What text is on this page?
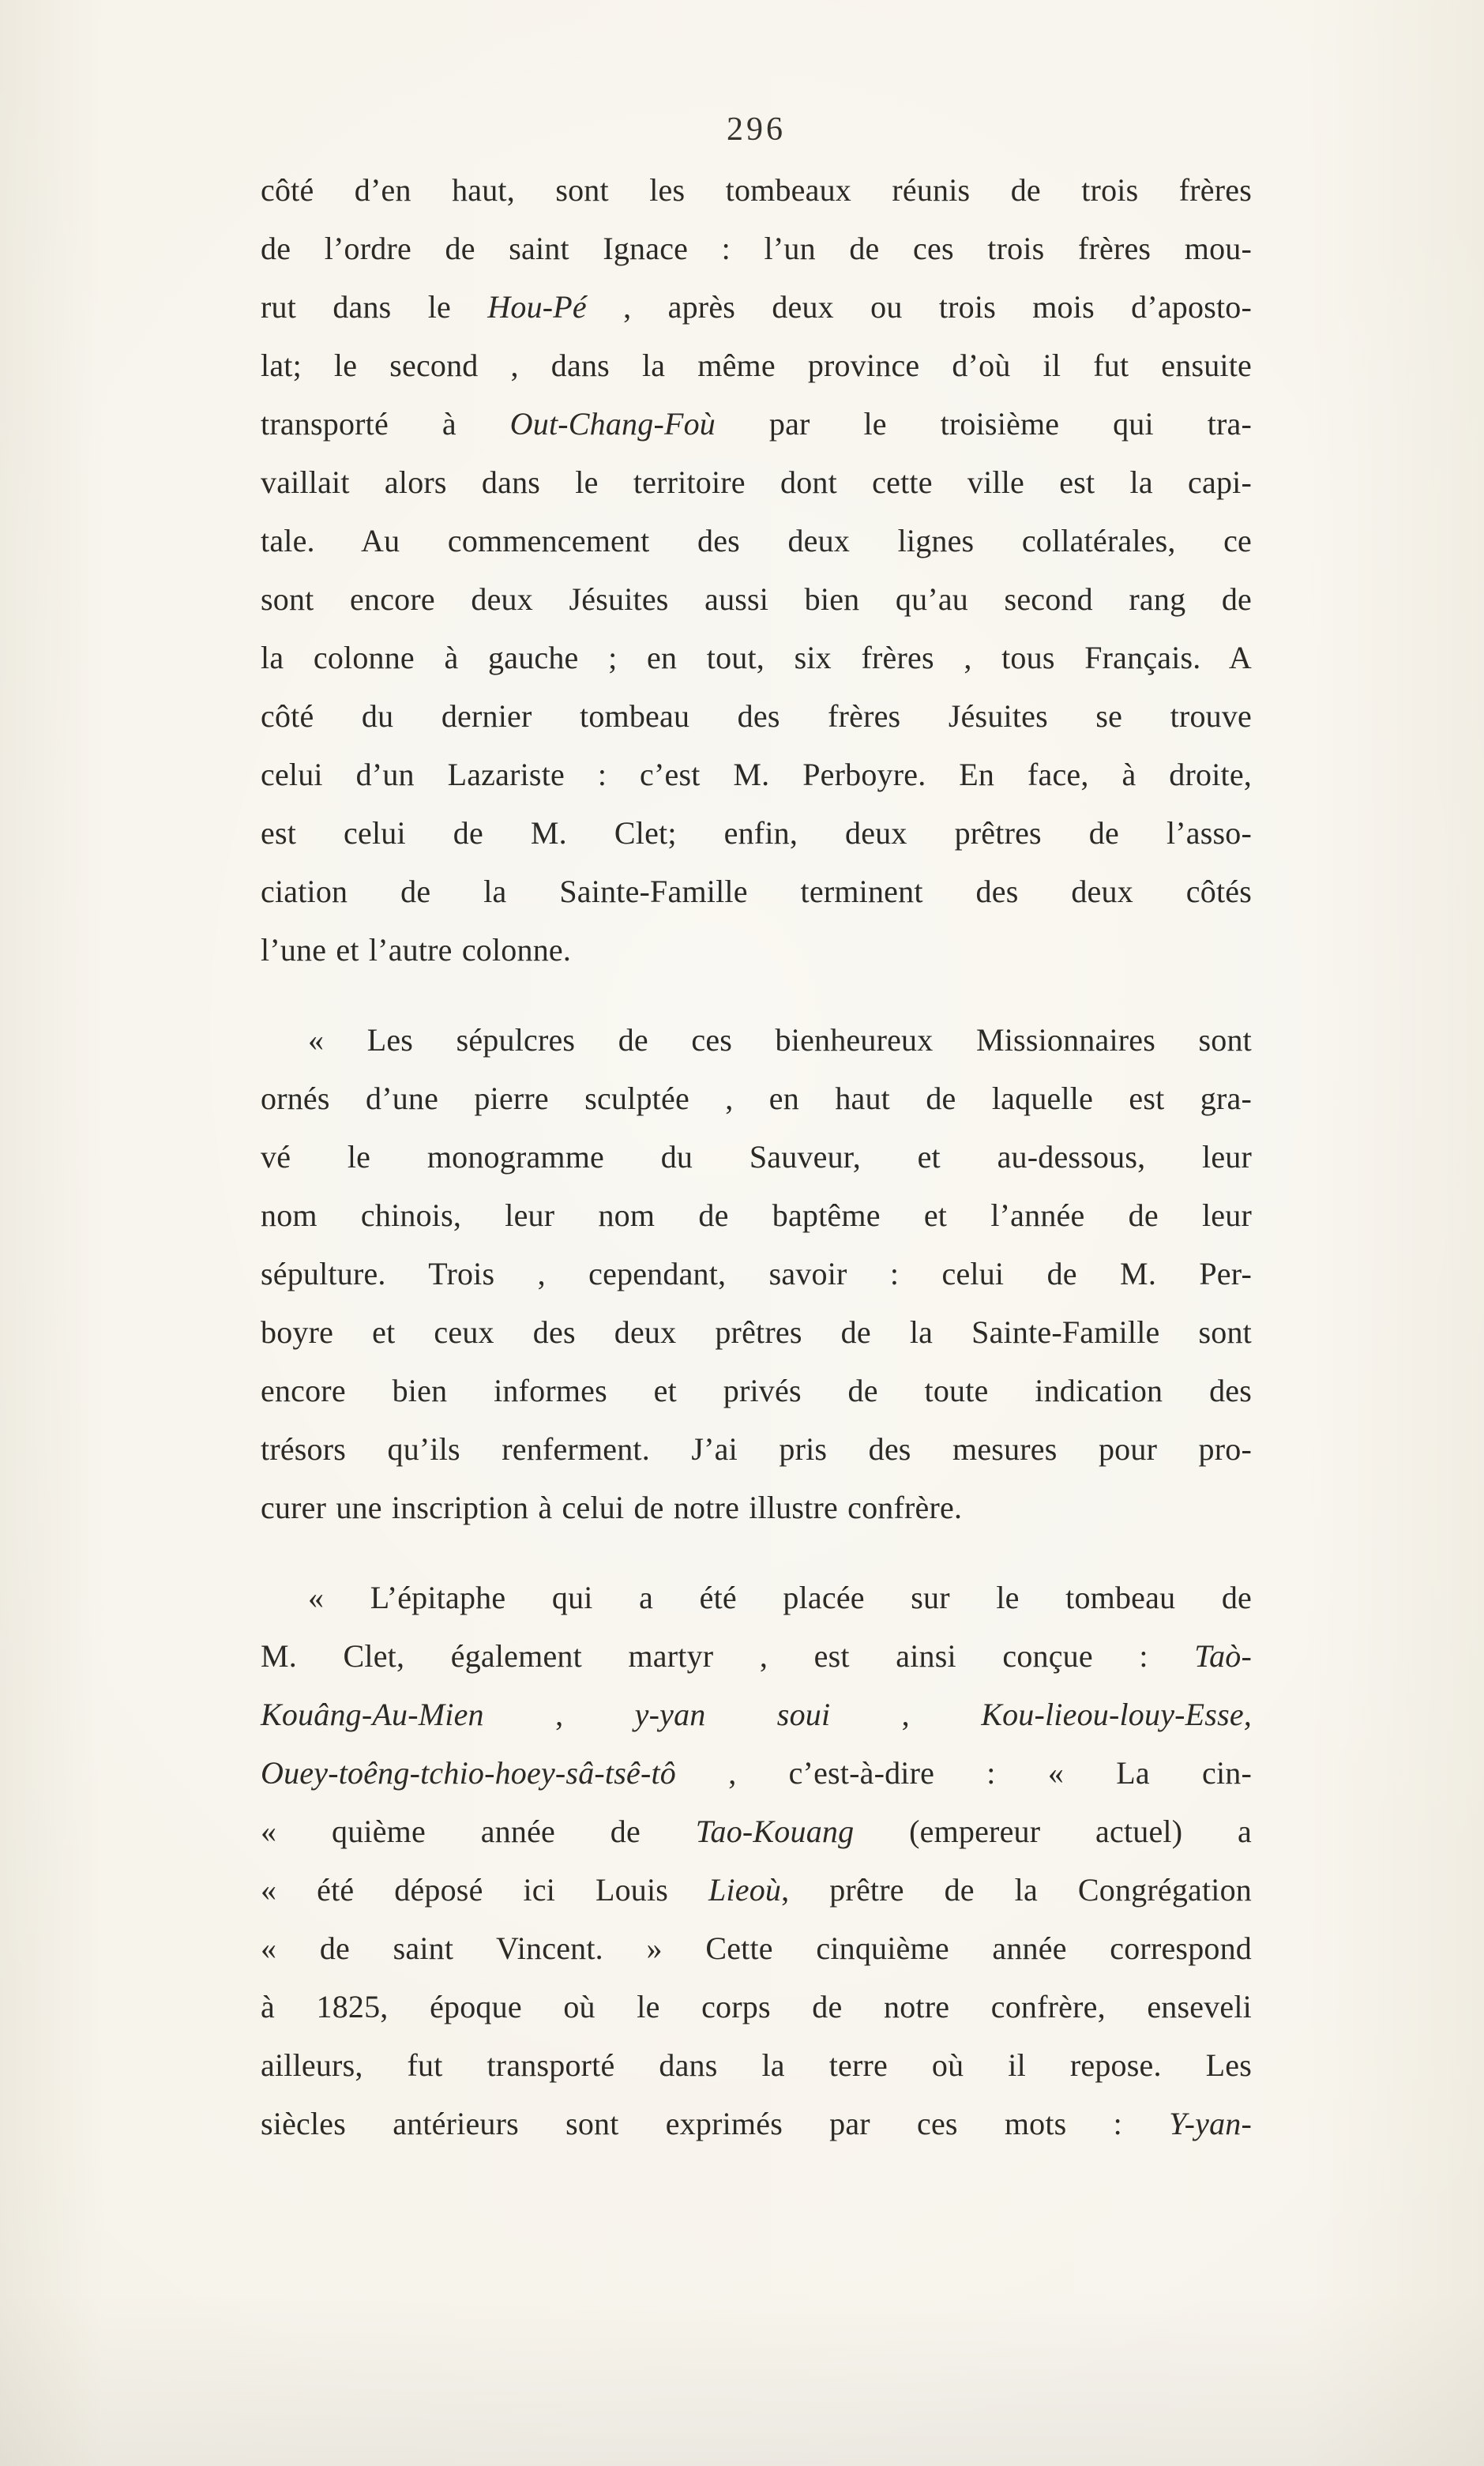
296
côté d’en haut, sont les tombeaux réunis de trois frères
de l’ordre de saint Ignace : l’un de ces trois frères mou-
rut dans le Hou-Pé , après deux ou trois mois d’aposto-
lat; le second , dans la même province d’où il fut ensuite
transporté à Out-Chang-Foù par le troisième qui tra-
vaillait alors dans le territoire dont cette ville est la capi-
tale. Au commencement des deux lignes collatérales, ce
sont encore deux Jésuites aussi bien qu’au second rang de
la colonne à gauche ; en tout, six frères , tous Français. A
côté du dernier tombeau des frères Jésuites se trouve
celui d’un Lazariste : c’est M. Perboyre. En face, à droite,
est celui de M. Clet; enfin, deux prêtres de l’asso-
ciation de la Sainte-Famille terminent des deux côtés
l’une et l’autre colonne.
« Les sépulcres de ces bienheureux Missionnaires sont
ornés d’une pierre sculptée , en haut de laquelle est gra-
vé le monogramme du Sauveur, et au-dessous, leur
nom chinois, leur nom de baptême et l’année de leur
sépulture. Trois , cependant, savoir : celui de M. Per-
boyre et ceux des deux prêtres de la Sainte-Famille sont
encore bien informes et privés de toute indication des
trésors qu’ils renferment. J’ai pris des mesures pour pro-
curer une inscription à celui de notre illustre confrère.
« L’épitaphe qui a été placée sur le tombeau de
M. Clet, également martyr , est ainsi conçue : Taò-
Kouâng-Au-Mien , y-yan soui , Kou-lieou-louy-Esse,
Ouey-toêng-tchio-hoey-sâ-tsê-tô , c’est-à-dire : « La cin-
« quième année de Tao-Kouang (empereur actuel) a
« été déposé ici Louis Lieoù, prêtre de la Congrégation
« de saint Vincent. » Cette cinquième année correspond
à 1825, époque où le corps de notre confrère, enseveli
ailleurs, fut transporté dans la terre où il repose. Les
siècles antérieurs sont exprimés par ces mots : Y-yan-
